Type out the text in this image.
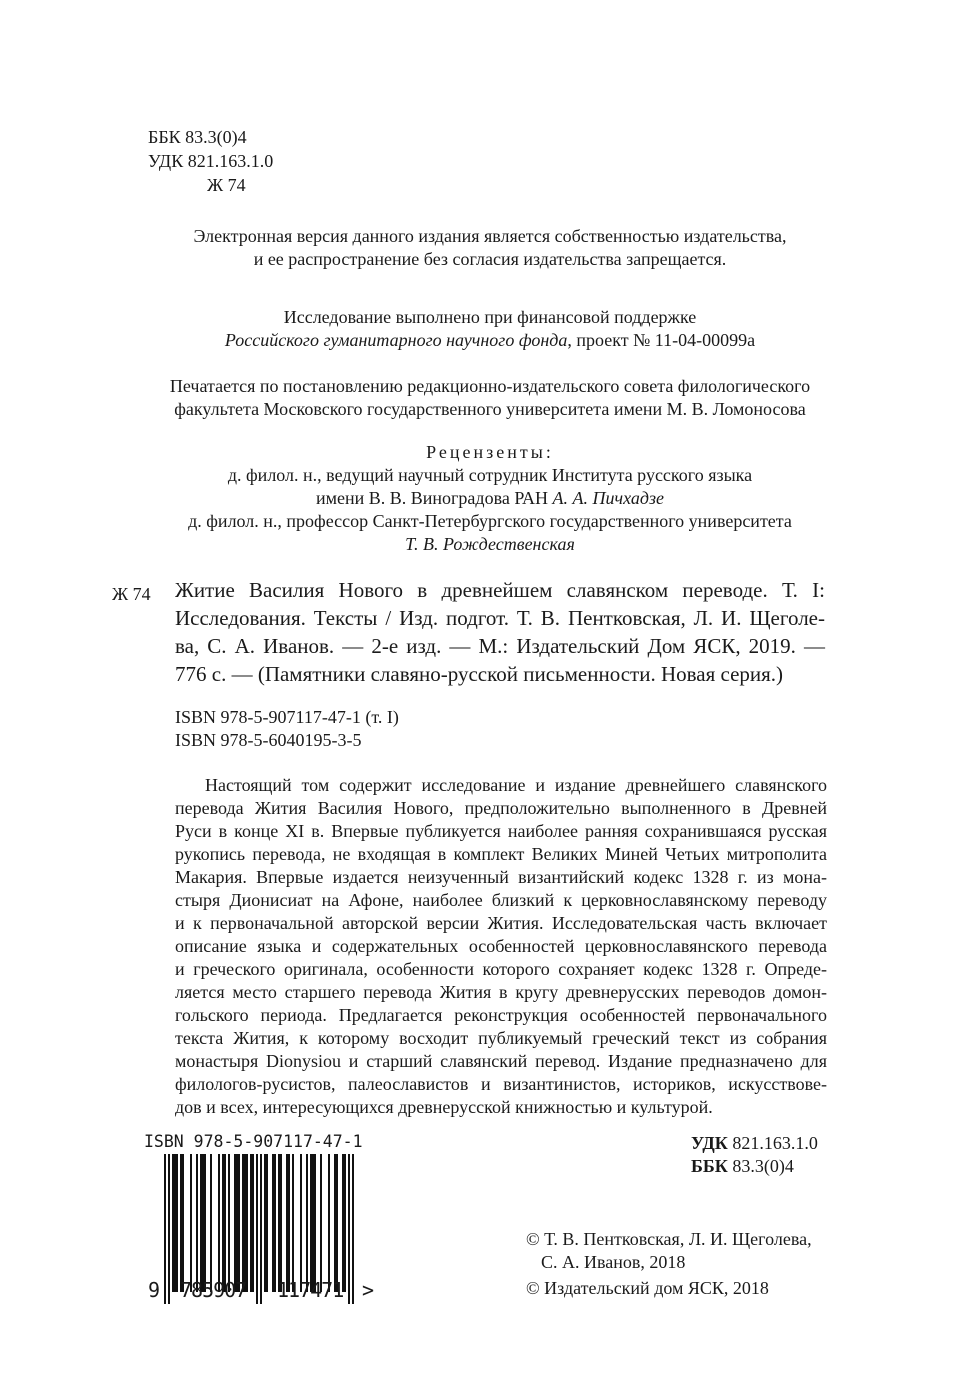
ББК 83.3(0)4
УДК 821.163.1.0
Ж 74
Электронная версия данного издания является собственностью издательства,
и ее распространение без согласия издательства запрещается.
Исследование выполнено при финансовой поддержке
Российского гуманитарного научного фонда, проект № 11-04-00099а
Печатается по постановлению редакционно-издательского совета филологического
факультета Московского государственного университета имени М. В. Ломоносова
Рецензенты:
д. филол. н., ведущий научный сотрудник Института русского языка
имени В. В. Виноградова РАН А. А. Пичхадзе
д. филол. н., профессор Санкт-Петербургского государственного университета
Т. В. Рождественская
Ж 74 Житие Василия Нового в древнейшем славянском переводе. Т. I:
Исследования. Тексты / Изд. подгот. Т. В. Пентковская, Л. И. Щеголе-
ва, С. А. Иванов. — 2-е изд. — М.: Издательский Дом ЯСК, 2019. —
776 с. — (Памятники славяно-русской письменности. Новая серия.)
ISBN 978-5-907117-47-1 (т. I)
ISBN 978-5-6040195-3-5
Настоящий том содержит исследование и издание древнейшего славянского
перевода Жития Василия Нового, предположительно выполненного в Древней
Руси в конце XI в. Впервые публикуется наиболее ранняя сохранившаяся русская
рукопись перевода, не входящая в комплект Великих Миней Четьих митрополита
Макария. Впервые издается неизученный византийский кодекс 1328 г. из мона-
стыря Дионисиат на Афоне, наиболее близкий к церковнославянскому переводу
и к первоначальной авторской версии Жития. Исследовательская часть включает
описание языка и содержательных особенностей церковнославянского перевода
и греческого оригинала, особенности которого сохраняет кодекс 1328 г. Опреде-
ляется место старшего перевода Жития в кругу древнерусских переводов домон-
гольского периода. Предлагается реконструкция особенностей первоначального
текста Жития, к которому восходит публикуемый греческий текст из собрания
монастыря Dionysiou и старший славянский перевод. Издание предназначено для
филологов-русистов, палеославистов и византинистов, историков, искусствове-
дов и всех, интересующихся древнерусской книжностью и культурой.
ISBN 978-5-907117-47-1
9 785907 117471 >
УДК 821.163.1.0
ББК 83.3(0)4
© Т. В. Пентковская, Л. И. Щеголева,
С. А. Иванов, 2018
© Издательский дом ЯСК, 2018
